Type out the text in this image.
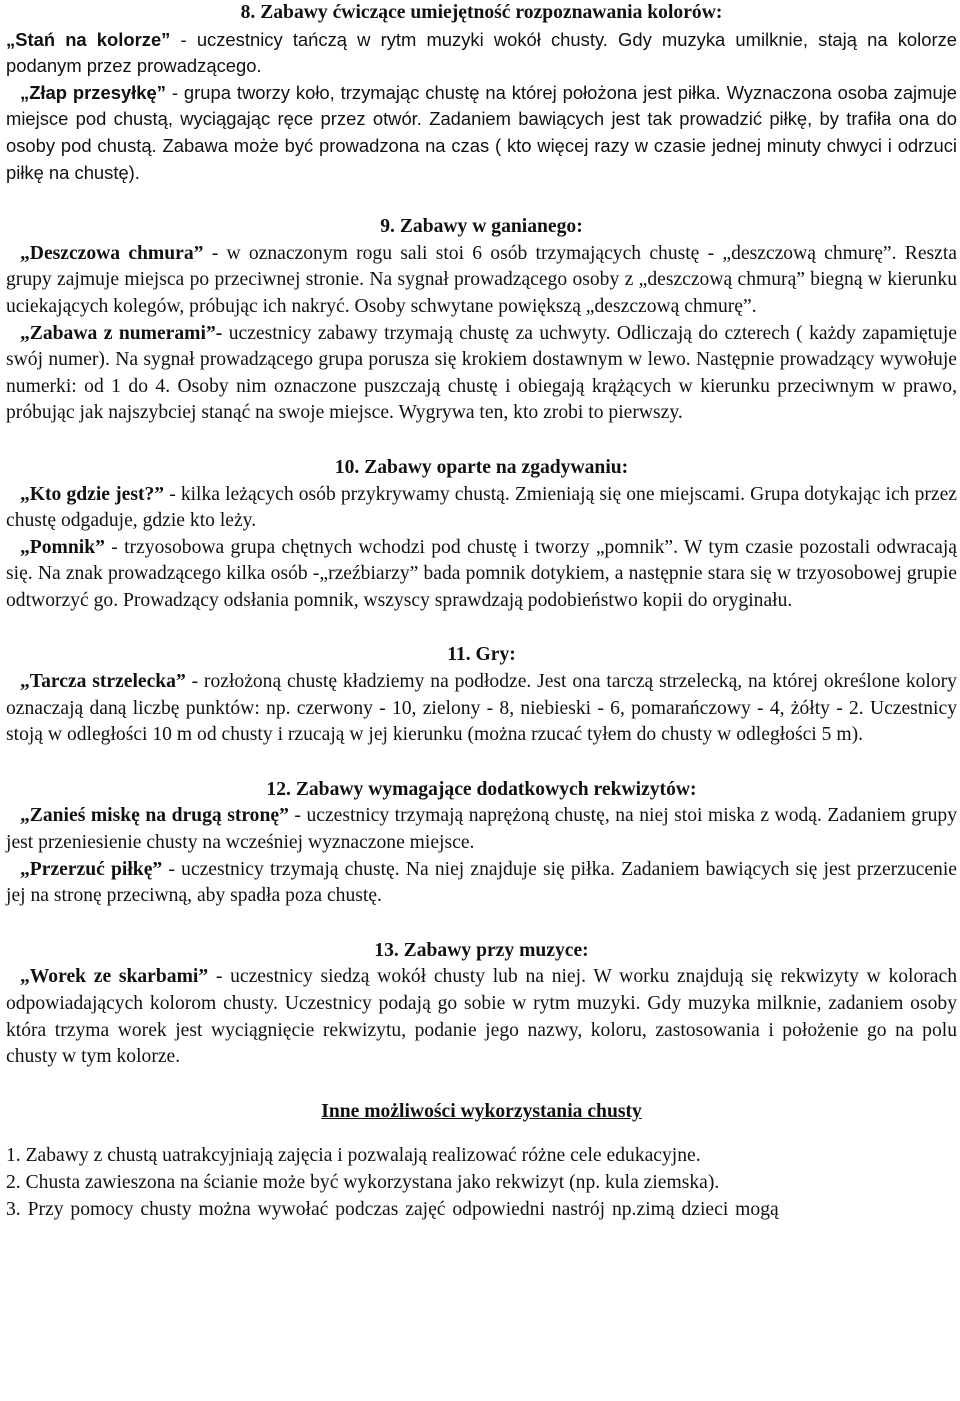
8. Zabawy ćwiczące umiejętność rozpoznawania kolorów:

„Stań na kolorze” - uczestnicy tańczą w rytm muzyki wokół chusty. Gdy muzyka umilknie, stają na kolorze podanym przez prowadzącego.

„Złap przesyłkę” - grupa tworzy koło, trzymając chustę na której położona jest piłka. Wyznaczona osoba zajmuje miejsce pod chustą, wyciągając ręce przez otwór. Zadaniem bawiących jest tak prowadzić piłkę, by trafiła ona do osoby pod chustą. Zabawa może być prowadzona na czas ( kto więcej razy w czasie jednej minuty chwyci i odrzuci piłkę na chustę).

9. Zabawy w ganianego:

„Deszczowa chmura” - w oznaczonym rogu sali stoi 6 osób trzymających chustę - „deszczową chmurę”. Reszta grupy zajmuje miejsca po przeciwnej stronie. Na sygnał prowadzącego osoby z „deszczową chmurą” biegną w kierunku uciekających kolegów, próbując ich nakryć. Osoby schwytane powiększą „deszczową chmurę”.

„Zabawa z numerami”- uczestnicy zabawy trzymają chustę za uchwyty. Odliczają do czterech ( każdy zapamiętuje swój numer). Na sygnał prowadzącego grupa porusza się krokiem dostawnym w lewo. Następnie prowadzący wywołuje numerki: od 1 do 4. Osoby nim oznaczone puszczają chustę i obiegają krążących w kierunku przeciwnym w prawo, próbując jak najszybciej stanąć na swoje miejsce. Wygrywa ten, kto zrobi to pierwszy.

10. Zabawy oparte na zgadywaniu:

„Kto gdzie jest?” - kilka leżących osób przykrywamy chustą. Zmieniają się one miejscami. Grupa dotykając ich przez chustę odgaduje, gdzie kto leży.

„Pomnik” - trzyosobowa grupa chętnych wchodzi pod chustę i tworzy „pomnik”. W tym czasie pozostali odwracają się. Na znak prowadzącego kilka osób -„rzeźbiarzy” bada pomnik dotykiem, a następnie stara się w trzyosobowej grupie odtworzyć go. Prowadzący odsłania pomnik, wszyscy sprawdzają podobieństwo kopii do oryginału.

11. Gry:

„Tarcza strzelecka” - rozłożoną chustę kładziemy na podłodze. Jest ona tarczą strzelecką, na której określone kolory oznaczają daną liczbę punktów: np. czerwony - 10, zielony - 8, niebieski - 6, pomarańczowy - 4, żółty - 2. Uczestnicy stoją w odległości 10 m od chusty i rzucają w jej kierunku (można rzucać tyłem do chusty w odległości 5 m).

12. Zabawy wymagające dodatkowych rekwizytów:

„Zanieś miskę na drugą stronę” - uczestnicy trzymają naprężoną chustę, na niej stoi miska z wodą. Zadaniem grupy jest przeniesienie chusty na wcześniej wyznaczone miejsce.

„Przerzuć piłkę” - uczestnicy trzymają chustę. Na niej znajduje się piłka. Zadaniem bawiących się jest przerzucenie jej na stronę przeciwną, aby spadła poza chustę.

13. Zabawy przy muzyce:

„Worek ze skarbami” - uczestnicy siedzą wokół chusty lub na niej. W worku znajdują się rekwizyty w kolorach odpowiadających kolorom chusty. Uczestnicy podają go sobie w rytm muzyki. Gdy muzyka milknie, zadaniem osoby która trzyma worek jest wyciągnięcie rekwizytu, podanie jego nazwy, koloru, zastosowania i położenie go na polu chusty w tym kolorze.

Inne możliwości wykorzystania chusty

1. Zabawy z chustą uatrakcyjniają zajęcia i pozwalają realizować różne cele edukacyjne.

2. Chusta zawieszona na ścianie może być wykorzystana jako rekwizyt (np. kula ziemska).

3. Przy pomocy chusty można wywołać podczas zajęć odpowiedni nastrój np.zimą dzieci mogą
